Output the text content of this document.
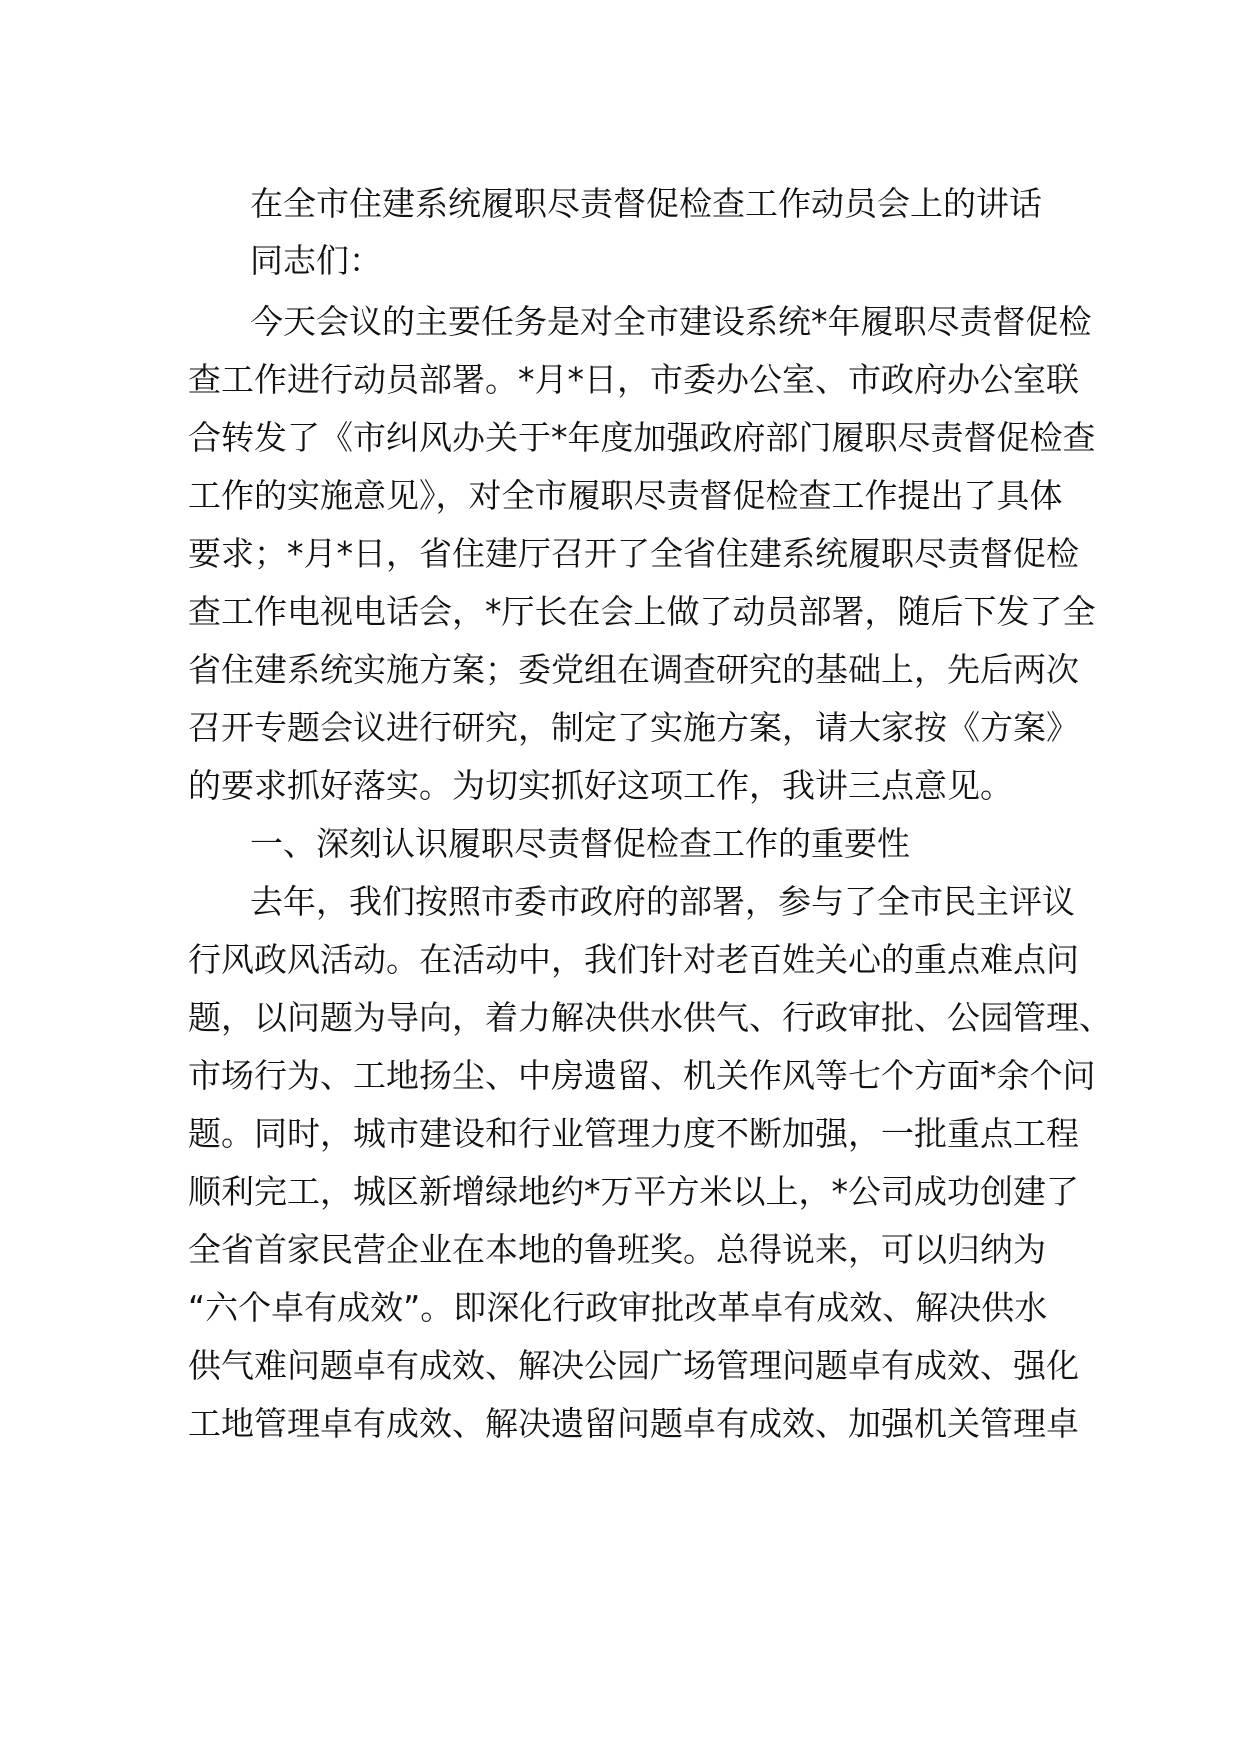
在全市住建系统履职尽责督促检查工作动员会上的讲话
同志们：
今天会议的主要任务是对全市建设系统*年履职尽责督促检
查工作进行动员部署。*月*日，市委办公室、市政府办公室联
合转发了《市纠风办关于*年度加强政府部门履职尽责督促检查
工作的实施意见》，对全市履职尽责督促检查工作提出了具体
要求；*月*日，省住建厅召开了全省住建系统履职尽责督促检
查工作电视电话会，*厅长在会上做了动员部署，随后下发了全
省住建系统实施方案；委党组在调查研究的基础上，先后两次
召开专题会议进行研究，制定了实施方案，请大家按《方案》
的要求抓好落实。为切实抓好这项工作，我讲三点意见。
一、深刻认识履职尽责督促检查工作的重要性
去年，我们按照市委市政府的部署，参与了全市民主评议
行风政风活动。在活动中，我们针对老百姓关心的重点难点问
题，以问题为导向，着力解决供水供气、行政审批、公园管理、
市场行为、工地扬尘、中房遗留、机关作风等七个方面*余个问
题。同时，城市建设和行业管理力度不断加强，一批重点工程
顺利完工，城区新增绿地约*万平方米以上，*公司成功创建了
全省首家民营企业在本地的鲁班奖。总得说来，可以归纳为
“六个卓有成效”。即深化行政审批改革卓有成效、解决供水
供气难问题卓有成效、解决公园广场管理问题卓有成效、强化
工地管理卓有成效、解决遗留问题卓有成效、加强机关管理卓
